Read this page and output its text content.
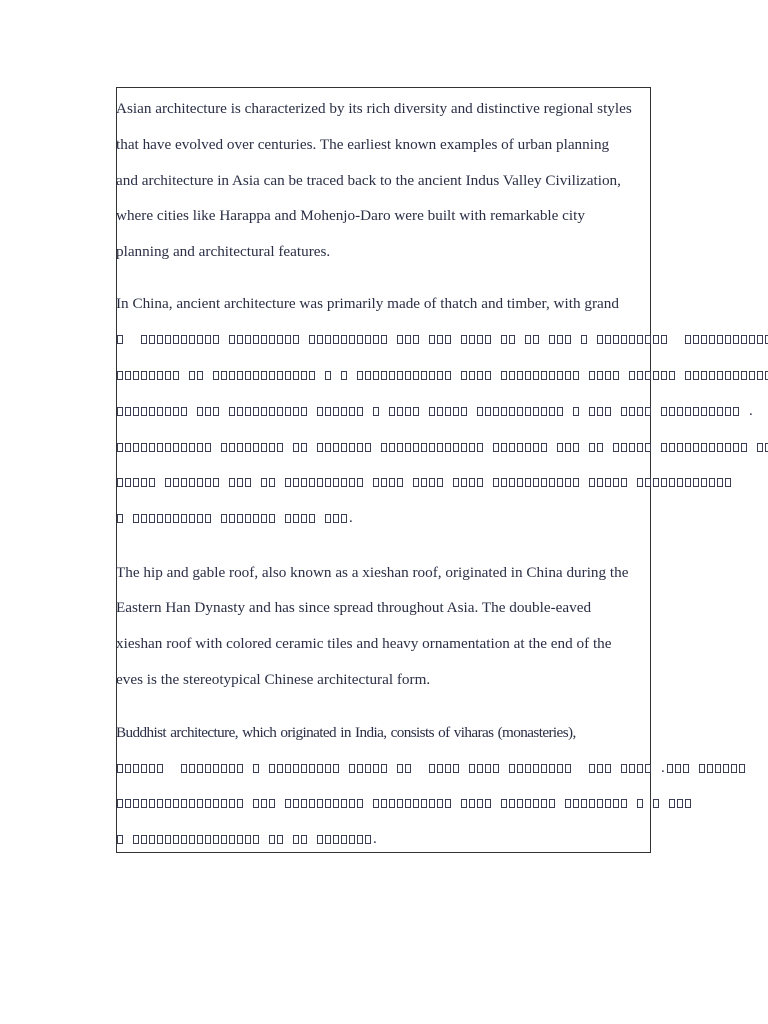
Asian architecture is characterized by its rich diversity and distinctive regional styles
that have evolved over centuries. The earliest known examples of urban planning
and architecture in Asia can be traced back to the ancient Indus Valley Civilization,
where cities like Harappa and Mohenjo-Daro were built with remarkable city
planning and architectural features.
In China, ancient architecture was primarily made of thatch and timber, with grand
.
.
The hip and gable roof, also known as a xieshan roof, originated in China during the
Eastern Han Dynasty and has since spread throughout Asia. The double-eaved
xieshan roof with colored ceramic tiles and heavy ornamentation at the end of the
eves is the stereotypical Chinese architectural form.
Buddhist architecture, which originated in India, consists of viharas (monasteries),
.
.
